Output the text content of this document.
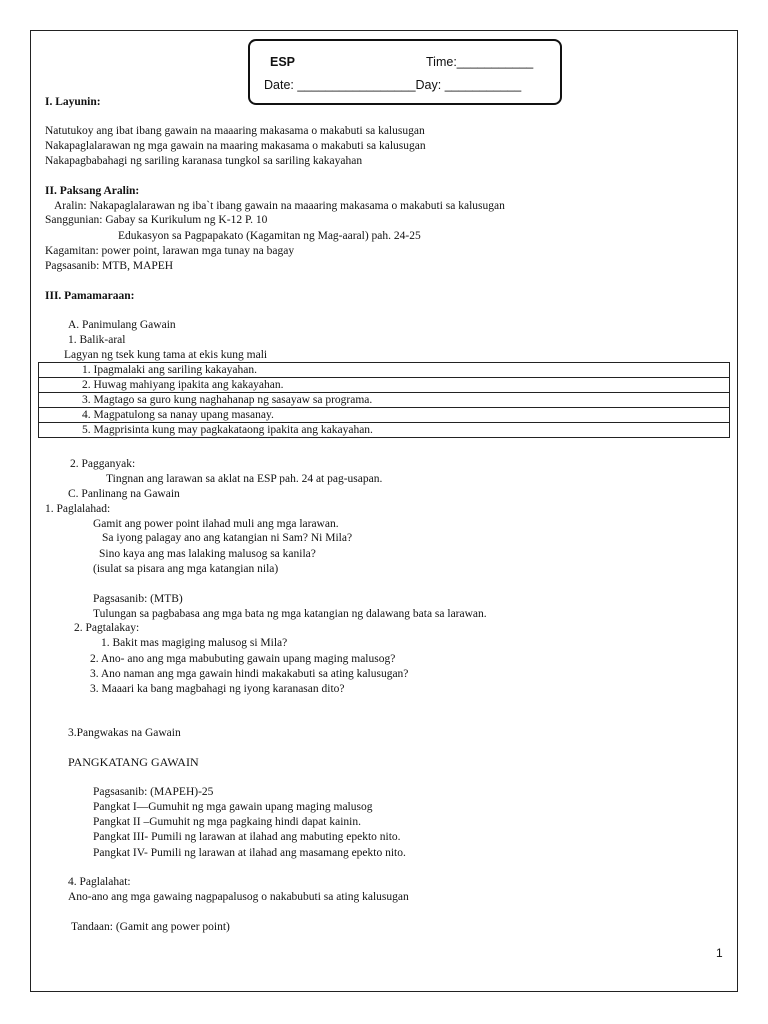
ESP	Time:___________
Date: _________________Day: ___________
I. Layunin:
Natutukoy ang ibat ibang gawain na maaaring makasama o makabuti sa kalusugan
Nakapaglalarawan ng mga gawain na maaring makasama o makabuti sa kalusugan
Nakapagbabahagi ng sariling karanasa tungkol sa sariling kakayahan
II. Paksang Aralin:
Aralin: Nakapaglalarawan ng iba`t ibang gawain na maaaring makasama o makabuti sa kalusugan
Sanggunian: Gabay sa Kurikulum ng K-12 P. 10
Edukasyon sa Pagpapakato (Kagamitan ng Mag-aaral) pah. 24-25
Kagamitan: power point, larawan mga tunay na bagay
Pagsasanib: MTB, MAPEH
III. Pamamaraan:
A. Panimulang Gawain
1. Balik-aral
Lagyan ng tsek kung tama at ekis kung mali
1. Ipagmalaki ang sariling kakayahan.
2. Huwag mahiyang ipakita ang kakayahan.
3. Magtago sa guro kung naghahanap ng sasayaw sa programa.
4. Magpatulong sa nanay upang masanay.
5. Magprisinta kung may pagkakataong ipakita ang kakayahan.
2. Pagganyak:
Tingnan ang larawan sa aklat na ESP pah. 24 at pag-usapan.
C. Panlinang na Gawain
1. Paglalahad:
Gamit ang power point ilahad muli ang mga larawan.
Sa iyong palagay ano ang katangian ni Sam? Ni Mila?
Sino kaya ang mas lalaking malusog sa kanila?
(isulat sa pisara ang mga katangian nila)
Pagsasanib: (MTB)
Tulungan sa pagbabasa ang mga bata ng mga katangian ng dalawang bata sa larawan.
2. Pagtalakay:
1. Bakit mas magiging malusog si Mila?
2. Ano- ano ang mga mabubuting gawain upang maging malusog?
3. Ano naman ang mga gawain hindi makakabuti sa ating kalusugan?
3. Maaari ka bang magbahagi ng iyong karanasan dito?
3.Pangwakas na Gawain
PANGKATANG GAWAIN
Pagsasanib: (MAPEH)-25
Pangkat I—Gumuhit ng mga gawain upang maging malusog
Pangkat II –Gumuhit ng mga pagkaing hindi dapat kainin.
Pangkat III- Pumili ng larawan at ilahad ang mabuting epekto nito.
Pangkat IV- Pumili ng larawan at ilahad ang masamang epekto nito.
4. Paglalahat:
Ano-ano ang mga gawaing nagpapalusog o nakabubuti sa ating kalusugan
Tandaan: (Gamit ang power point)
1
